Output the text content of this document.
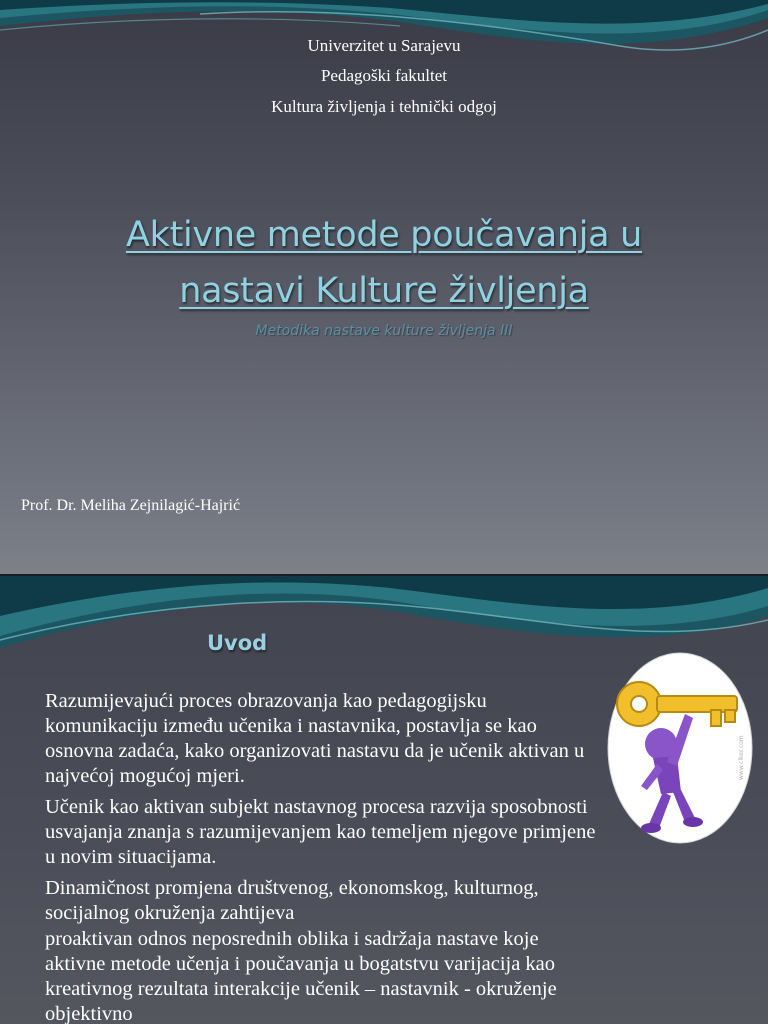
Univerzitet u Sarajevu
Pedagoški fakultet
Kultura življenja i tehnički odgoj
Aktivne metode poučavanja u
nastavi Kulture življenja
Metodika nastave kulture življenja III
Prof. Dr. Meliha Zejnilagić-Hajrić
Uvod

Razumijevajući proces obrazovanja kao pedagogijsku komunikaciju između učenika i nastavnika, postavlja se kao osnovna zadaća, kako organizovati nastavu da je učenik aktivan u najvećoj mogućoj mjeri.

Učenik kao aktivan subjekt nastavnog procesa razvija sposobnosti usvajanja znanja s razumijevanjem kao temeljem njegove primjene u novim situacijama.

Dinamičnost promjena društvenog, ekonomskog, kulturnog, socijalnog okruženja zahtijeva

proaktivan odnos neposrednih oblika i sadržaja nastave koje aktivne metode učenja i poučavanja u bogatstvu varijacija kao kreativnog rezultata interakcije učenik – nastavnik - okruženje objektivno

www.clker.com
